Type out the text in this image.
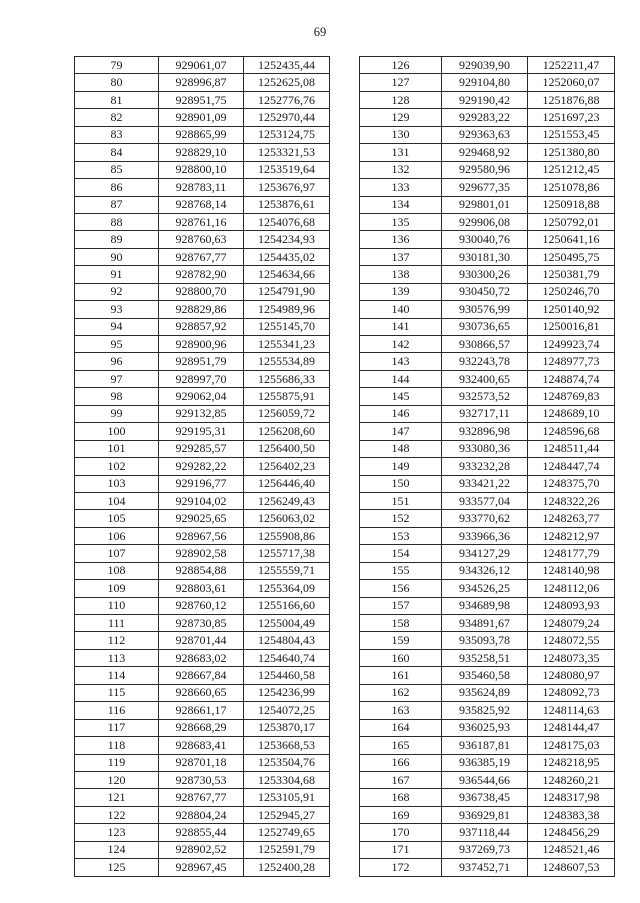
69
79	929061,07	1252435,44
80	928996,87	1252625,08
81	928951,75	1252776,76
82	928901,09	1252970,44
83	928865,99	1253124,75
84	928829,10	1253321,53
85	928800,10	1253519,64
86	928783,11	1253676,97
87	928768,14	1253876,61
88	928761,16	1254076,68
89	928760,63	1254234,93
90	928767,77	1254435,02
91	928782,90	1254634,66
92	928800,70	1254791,90
93	928829,86	1254989,96
94	928857,92	1255145,70
95	928900,96	1255341,23
96	928951,79	1255534,89
97	928997,70	1255686,33
98	929062,04	1255875,91
99	929132,85	1256059,72
100	929195,31	1256208,60
101	929285,57	1256400,50
102	929282,22	1256402,23
103	929196,77	1256446,40
104	929104,02	1256249,43
105	929025,65	1256063,02
106	928967,56	1255908,86
107	928902,58	1255717,38
108	928854,88	1255559,71
109	928803,61	1255364,09
110	928760,12	1255166,60
111	928730,85	1255004,49
112	928701,44	1254804,43
113	928683,02	1254640,74
114	928667,84	1254460,58
115	928660,65	1254236,99
116	928661,17	1254072,25
117	928668,29	1253870,17
118	928683,41	1253668,53
119	928701,18	1253504,76
120	928730,53	1253304,68
121	928767,77	1253105,91
122	928804,24	1252945,27
123	928855,44	1252749,65
124	928902,52	1252591,79
125	928967,45	1252400,28
126	929039,90	1252211,47
127	929104,80	1252060,07
128	929190,42	1251876,88
129	929283,22	1251697,23
130	929363,63	1251553,45
131	929468,92	1251380,80
132	929580,96	1251212,45
133	929677,35	1251078,86
134	929801,01	1250918,88
135	929906,08	1250792,01
136	930040,76	1250641,16
137	930181,30	1250495,75
138	930300,26	1250381,79
139	930450,72	1250246,70
140	930576,99	1250140,92
141	930736,65	1250016,81
142	930866,57	1249923,74
143	932243,78	1248977,73
144	932400,65	1248874,74
145	932573,52	1248769,83
146	932717,11	1248689,10
147	932896,98	1248596,68
148	933080,36	1248511,44
149	933232,28	1248447,74
150	933421,22	1248375,70
151	933577,04	1248322,26
152	933770,62	1248263,77
153	933966,36	1248212,97
154	934127,29	1248177,79
155	934326,12	1248140,98
156	934526,25	1248112,06
157	934689,98	1248093,93
158	934891,67	1248079,24
159	935093,78	1248072,55
160	935258,51	1248073,35
161	935460,58	1248080,97
162	935624,89	1248092,73
163	935825,92	1248114,63
164	936025,93	1248144,47
165	936187,81	1248175,03
166	936385,19	1248218,95
167	936544,66	1248260,21
168	936738,45	1248317,98
169	936929,81	1248383,38
170	937118,44	1248456,29
171	937269,73	1248521,46
172	937452,71	1248607,53
